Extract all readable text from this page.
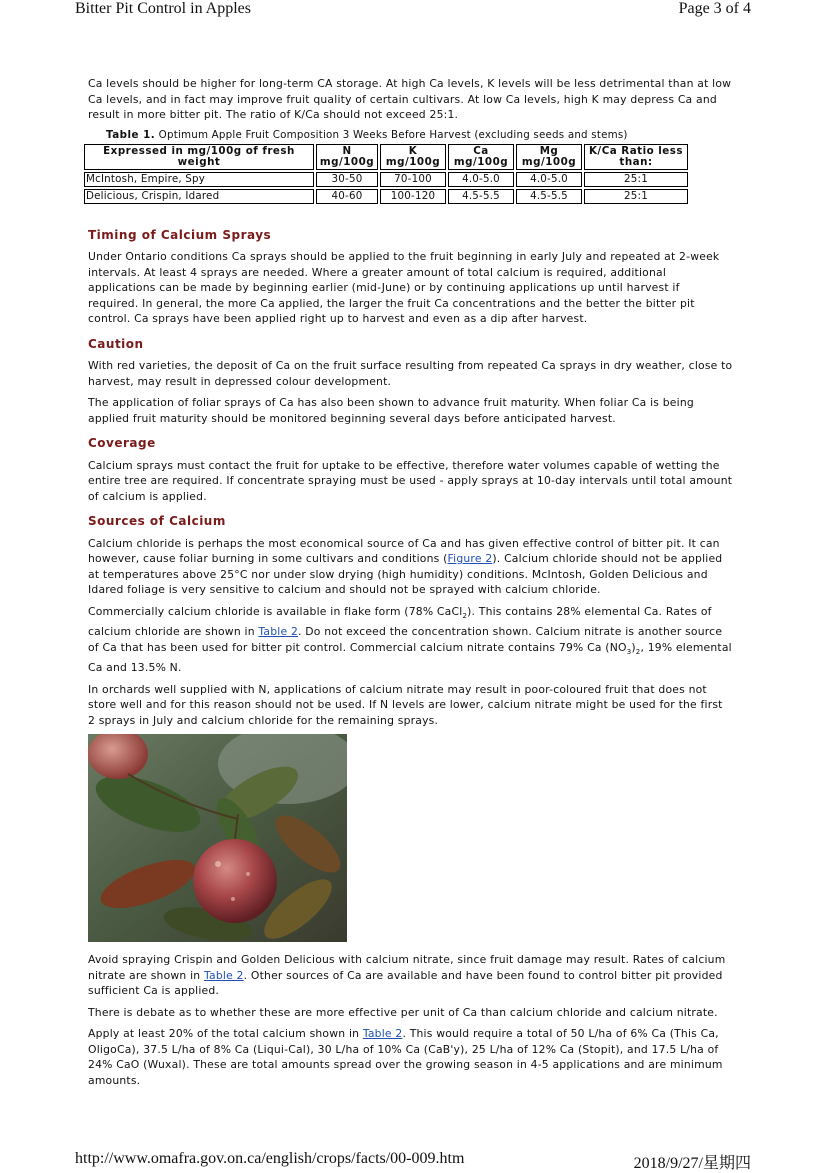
Bitter Pit Control in Apples	Page 3 of 4

Ca levels should be higher for long-term CA storage. At high Ca levels, K levels will be less detrimental than at low Ca levels, and in fact may improve fruit quality of certain cultivars. At low Ca levels, high K may depress Ca and result in more bitter pit. The ratio of K/Ca should not exceed 25:1.

Table 1. Optimum Apple Fruit Composition 3 Weeks Before Harvest (excluding seeds and stems)
Expressed in mg/100g of fresh weight	N mg/100g	K mg/100g	Ca mg/100g	Mg mg/100g	K/Ca Ratio less than:
McIntosh, Empire, Spy	30-50	70-100	4.0-5.0	4.0-5.0	25:1
Delicious, Crispin, Idared	40-60	100-120	4.5-5.5	4.5-5.5	25:1
Timing of Calcium Sprays

Under Ontario conditions Ca sprays should be applied to the fruit beginning in early July and repeated at 2-week intervals. At least 4 sprays are needed. Where a greater amount of total calcium is required, additional applications can be made by beginning earlier (mid-June) or by continuing applications up until harvest if required. In general, the more Ca applied, the larger the fruit Ca concentrations and the better the bitter pit control. Ca sprays have been applied right up to harvest and even as a dip after harvest.

Caution

With red varieties, the deposit of Ca on the fruit surface resulting from repeated Ca sprays in dry weather, close to harvest, may result in depressed colour development.

The application of foliar sprays of Ca has also been shown to advance fruit maturity. When foliar Ca is being applied fruit maturity should be monitored beginning several days before anticipated harvest.

Coverage

Calcium sprays must contact the fruit for uptake to be effective, therefore water volumes capable of wetting the entire tree are required. If concentrate spraying must be used - apply sprays at 10-day intervals until total amount of calcium is applied.

Sources of Calcium

Calcium chloride is perhaps the most economical source of Ca and has given effective control of bitter pit. It can however, cause foliar burning in some cultivars and conditions (Figure 2). Calcium chloride should not be applied at temperatures above 25°C nor under slow drying (high humidity) conditions. McIntosh, Golden Delicious and Idared foliage is very sensitive to calcium and should not be sprayed with calcium chloride.

Commercially calcium chloride is available in flake form (78% CaCl$_2$). This contains 28% elemental Ca. Rates of calcium chloride are shown in Table 2. Do not exceed the concentration shown. Calcium nitrate is another source of Ca that has been used for bitter pit control. Commercial calcium nitrate contains 79% Ca $(NO_3)_2$, 19% elemental Ca and 13.5% N.

In orchards well supplied with N, applications of calcium nitrate may result in poor-coloured fruit that does not store well and for this reason should not be used. If N levels are lower, calcium nitrate might be used for the first 2 sprays in July and calcium chloride for the remaining sprays.

Avoid spraying Crispin and Golden Delicious with calcium nitrate, since fruit damage may result. Rates of calcium nitrate are shown in Table 2. Other sources of Ca are available and have been found to control bitter pit provided sufficient Ca is applied.

There is debate as to whether these are more effective per unit of Ca than calcium chloride and calcium nitrate.

Apply at least 20% of the total calcium shown in Table 2. This would require a total of 50 L/ha of 6% Ca (This Ca, OligoCa), 37.5 L/ha of 8% Ca (Liqui-Cal), 30 L/ha of 10% Ca (CaB'y), 25 L/ha of 12% Ca (Stopit), and 17.5 L/ha of 24% CaO (Wuxal). These are total amounts spread over the growing season in 4-5 applications and are minimum amounts.

http://www.omafra.gov.on.ca/english/crops/facts/00-009.htm	2018/9/27/星期四
